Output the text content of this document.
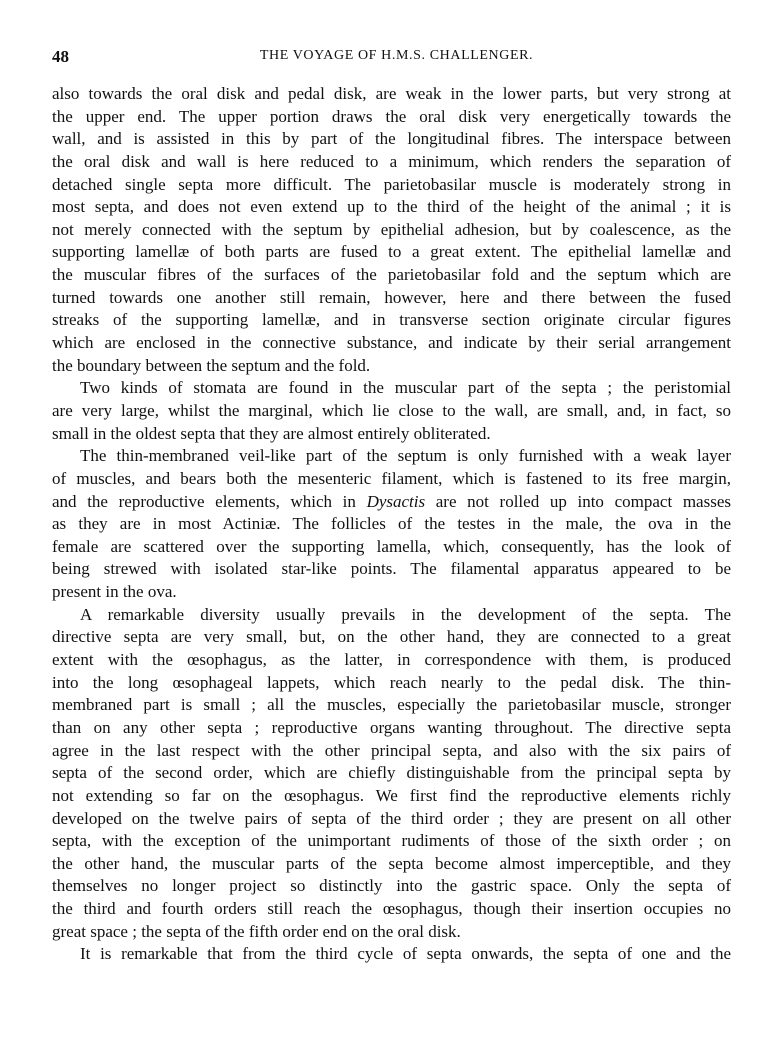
48	THE VOYAGE OF H.M.S. CHALLENGER.
also towards the oral disk and pedal disk, are weak in the lower parts, but very strong at
the upper end. The upper portion draws the oral disk very energetically towards the
wall, and is assisted in this by part of the longitudinal fibres. The interspace between
the oral disk and wall is here reduced to a minimum, which renders the separation of
detached single septa more difficult. The parietobasilar muscle is moderately strong in
most septa, and does not even extend up to the third of the height of the animal ; it is
not merely connected with the septum by epithelial adhesion, but by coalescence, as the
supporting lamellæ of both parts are fused to a great extent. The epithelial lamellæ and
the muscular fibres of the surfaces of the parietobasilar fold and the septum which are
turned towards one another still remain, however, here and there between the fused
streaks of the supporting lamellæ, and in transverse section originate circular figures
which are enclosed in the connective substance, and indicate by their serial arrangement
the boundary between the septum and the fold.
Two kinds of stomata are found in the muscular part of the septa ; the peristomial
are very large, whilst the marginal, which lie close to the wall, are small, and, in fact, so
small in the oldest septa that they are almost entirely obliterated.
The thin-membraned veil-like part of the septum is only furnished with a weak layer
of muscles, and bears both the mesenteric filament, which is fastened to its free margin,
and the reproductive elements, which in Dysactis are not rolled up into compact masses
as they are in most Actiniæ. The follicles of the testes in the male, the ova in the
female are scattered over the supporting lamella, which, consequently, has the look of
being strewed with isolated star-like points. The filamental apparatus appeared to be
present in the ova.
A remarkable diversity usually prevails in the development of the septa. The
directive septa are very small, but, on the other hand, they are connected to a great
extent with the œsophagus, as the latter, in correspondence with them, is produced
into the long œsophageal lappets, which reach nearly to the pedal disk. The thin-
membraned part is small ; all the muscles, especially the parietobasilar muscle, stronger
than on any other septa ; reproductive organs wanting throughout. The directive septa
agree in the last respect with the other principal septa, and also with the six pairs of
septa of the second order, which are chiefly distinguishable from the principal septa by
not extending so far on the œsophagus. We first find the reproductive elements richly
developed on the twelve pairs of septa of the third order ; they are present on all other
septa, with the exception of the unimportant rudiments of those of the sixth order ; on
the other hand, the muscular parts of the septa become almost imperceptible, and they
themselves no longer project so distinctly into the gastric space. Only the septa of
the third and fourth orders still reach the œsophagus, though their insertion occupies no
great space ; the septa of the fifth order end on the oral disk.
It is remarkable that from the third cycle of septa onwards, the septa of one and the
